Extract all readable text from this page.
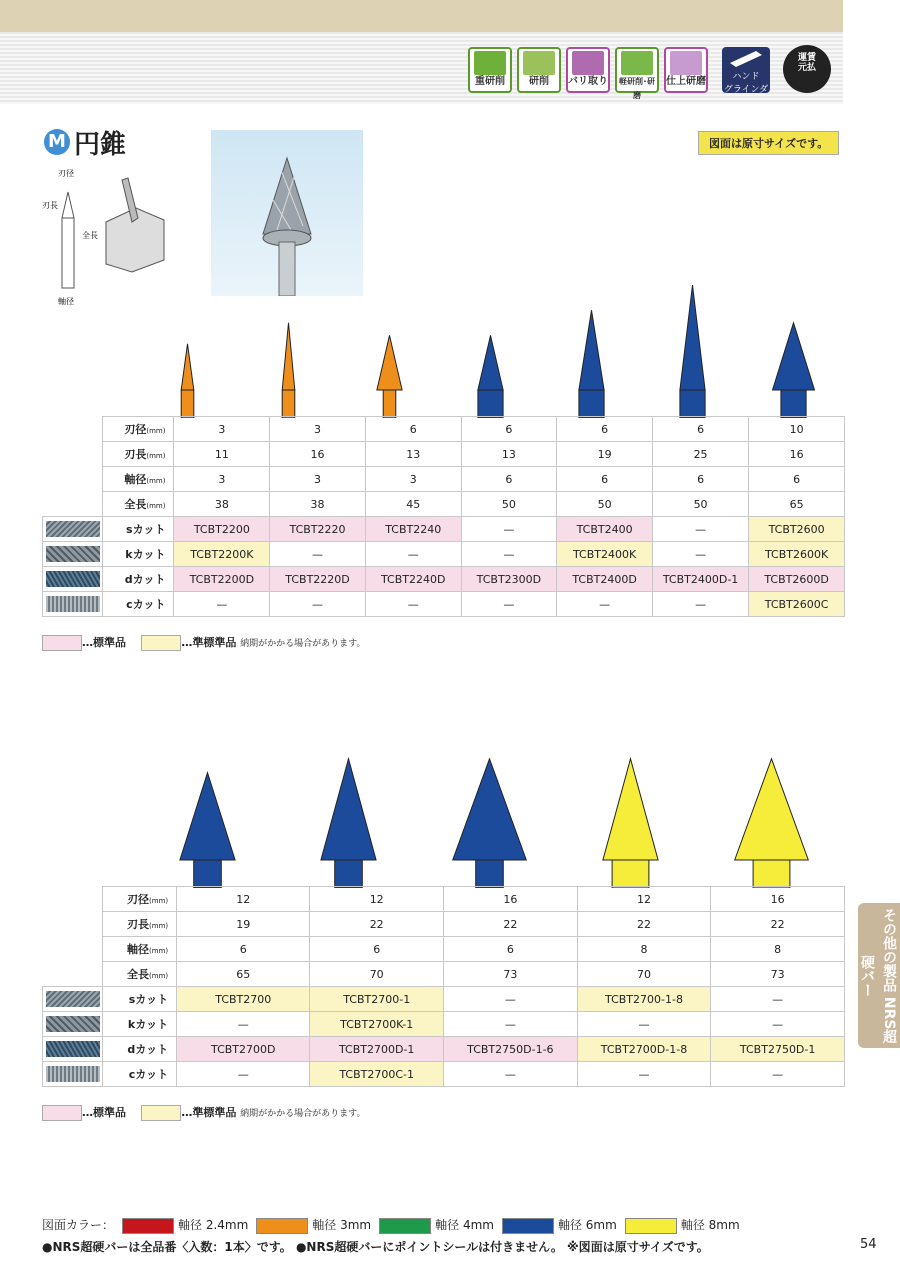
重研削	研削	バリ取り 軽研削･研磨
仕上研磨	ハンド
グラインダ
運賃
元払
M 円錐	図面は原寸サイズです。
刃径
刃長
全長
軸径
	刃径(mm)	3	3	6	6	6	6	10
	刃長(mm)	11	16	13	13	19	25	16
	軸径(mm)	3	3	3	6	6	6	6
	全長(mm)	38	38	45	50	50	50	65
	sカット	TCBT2200	TCBT2220	TCBT2240	—	TCBT2400	—	TCBT2600
	kカット	TCBT2200K	—	—	—	TCBT2400K	—	TCBT2600K
	dカット	TCBT2200D	TCBT2220D	TCBT2240D	TCBT2300D	TCBT2400D	TCBT2400D-1	TCBT2600D
	cカット	—	—	—	—	—	—	TCBT2600C
…標準品	…準標準品 納期がかかる場合があります。
	刃径(mm)	12	12	16	12	16
	刃長(mm)	19	22	22	22	22
	軸径(mm)	6	6	6	8	8
	全長(mm)	65	70	73	70	73
	sカット	TCBT2700	TCBT2700-1	—	TCBT2700-1-8	—
	kカット	—	TCBT2700K-1	—	—	—
	dカット	TCBT2700D	TCBT2700D-1	TCBT2750D-1-6	TCBT2700D-1-8	TCBT2750D-1
	cカット	—	TCBT2700C-1	—	—	—
…標準品	…準標準品 納期がかかる場合があります。
その他の製品 NRS超硬バー
図面カラー：	軸径 2.4mm	軸径 3mm	軸径 4mm	軸径 6mm	軸径 8mm
●NRS超硬バーは全品番〈入数：1本〉です。 ●NRS超硬バーにポイントシールは付きません。 ※図面は原寸サイズです。	54
